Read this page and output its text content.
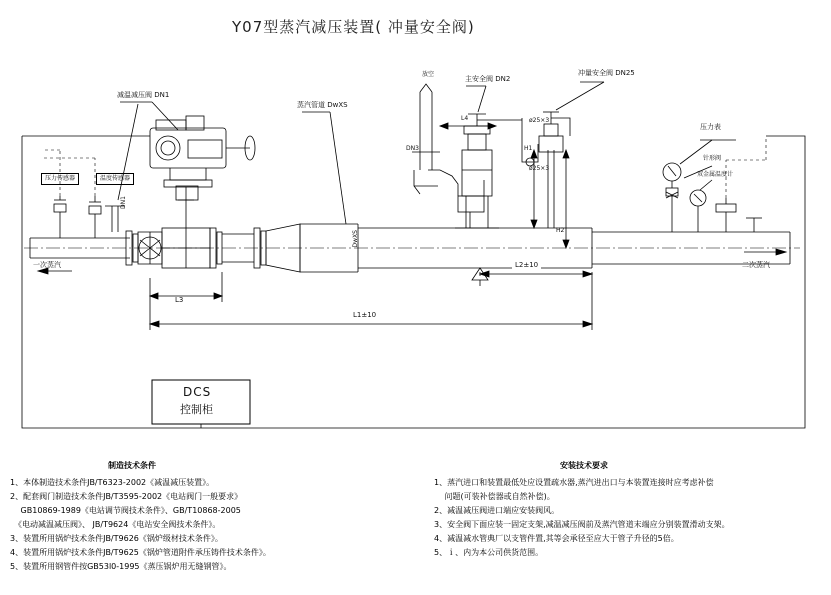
Y07型蒸汽减压装置( 冲量安全阀)
减温减压阀 DN1
蒸汽管道 DwXS
放空
主安全阀 DN2
冲量安全阀 DN25
压力表
针形阀
双金属温度计
压力传感器	温度传感器
DN1
DN3
L4
H1
H2
ø25×3
ø25×3
DwXS
L3
L2±10
L1±10
一次蒸汽	二次蒸汽
DCS
控制柜
制造技术条件
1、本体制造技术条件JB/T6323-2002《减温减压装置》。
2、配套阀门制造技术条件JB/T3595-2002《电站阀门一般要求》
　 GB10869-1989《电站调节阀技术条件》、GB/T10868-2005
　《电动减温减压阀》、 JB/T9624《电站安全阀技术条件》。
3、装置所用锅炉技术条件JB/T9626《锅炉级材技术条件》。
4、装置所用锅炉技术条件JB/T9625《锅炉管道附件承压铸件技术条件》。
5、装置所用钢管件按GB53l0-1995《蒸压锅炉用无缝钢管》。
安装技术要求
1、蒸汽进口和装置最低处应设置疏水器,蒸汽进出口与本装置连接时应考虑补偿
　 问题(可装补偿器或自然补偿)。
2、减温减压阀进口端应安装阀风。
3、安全阀下面应装一固定支架,减温减压阀前及蒸汽管道末端应分别装置滑动支架。
4、减温减水管典厂以支管件置,其等会承径至应大于管子升径的5倍。
5、ｉ、内为本公司供货范围。
